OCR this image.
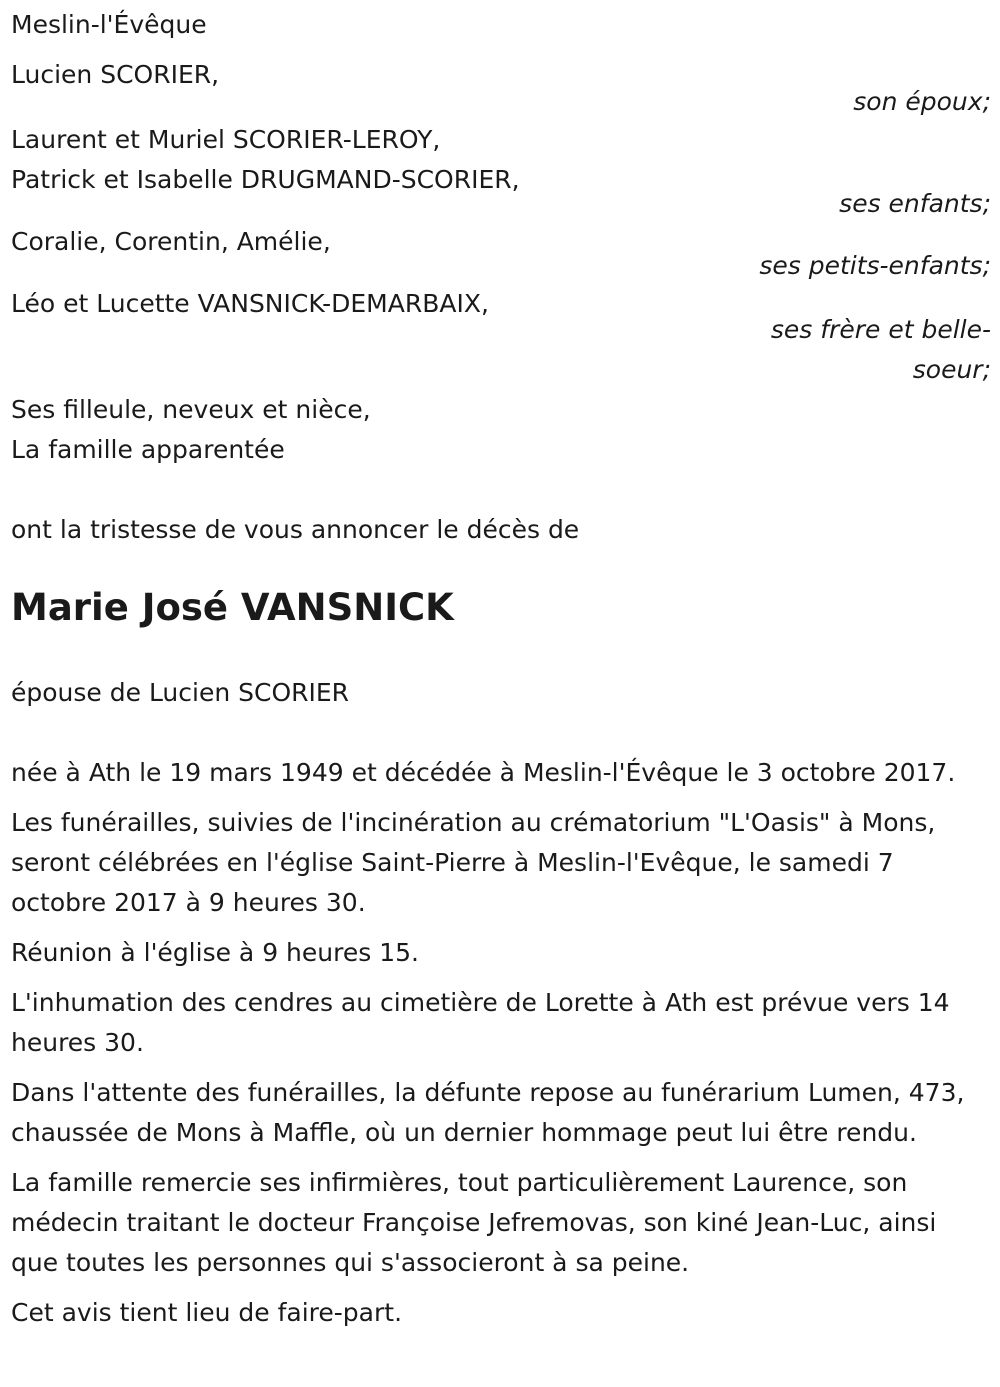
Meslin-l'Évêque
Lucien SCORIER,
son époux;
Laurent et Muriel SCORIER-LEROY,
Patrick et Isabelle DRUGMAND-SCORIER,
ses enfants;
Coralie, Corentin, Amélie,
ses petits-enfants;
Léo et Lucette VANSNICK-DEMARBAIX,
ses frère et belle-
soeur;
Ses filleule, neveux et nièce,
La famille apparentée
ont la tristesse de vous annoncer le décès de
Marie José VANSNICK
épouse de Lucien SCORIER
née à Ath le 19 mars 1949 et décédée à Meslin-l'Évêque le 3 octobre 2017.
Les funérailles, suivies de l'incinération au crématorium "L'Oasis" à Mons, seront célébrées en l'église Saint-Pierre à Meslin-l'Evêque, le samedi 7 octobre 2017 à 9 heures 30.
Réunion à l'église à 9 heures 15.
L'inhumation des cendres au cimetière de Lorette à Ath est prévue vers 14 heures 30.
Dans l'attente des funérailles, la défunte repose au funérarium Lumen, 473, chaussée de Mons à Maffle, où un dernier hommage peut lui être rendu.
La famille remercie ses infirmières, tout particulièrement Laurence, son médecin traitant le docteur Françoise Jefremovas, son kiné Jean-Luc, ainsi que toutes les personnes qui s'associeront à sa peine.
Cet avis tient lieu de faire-part.
